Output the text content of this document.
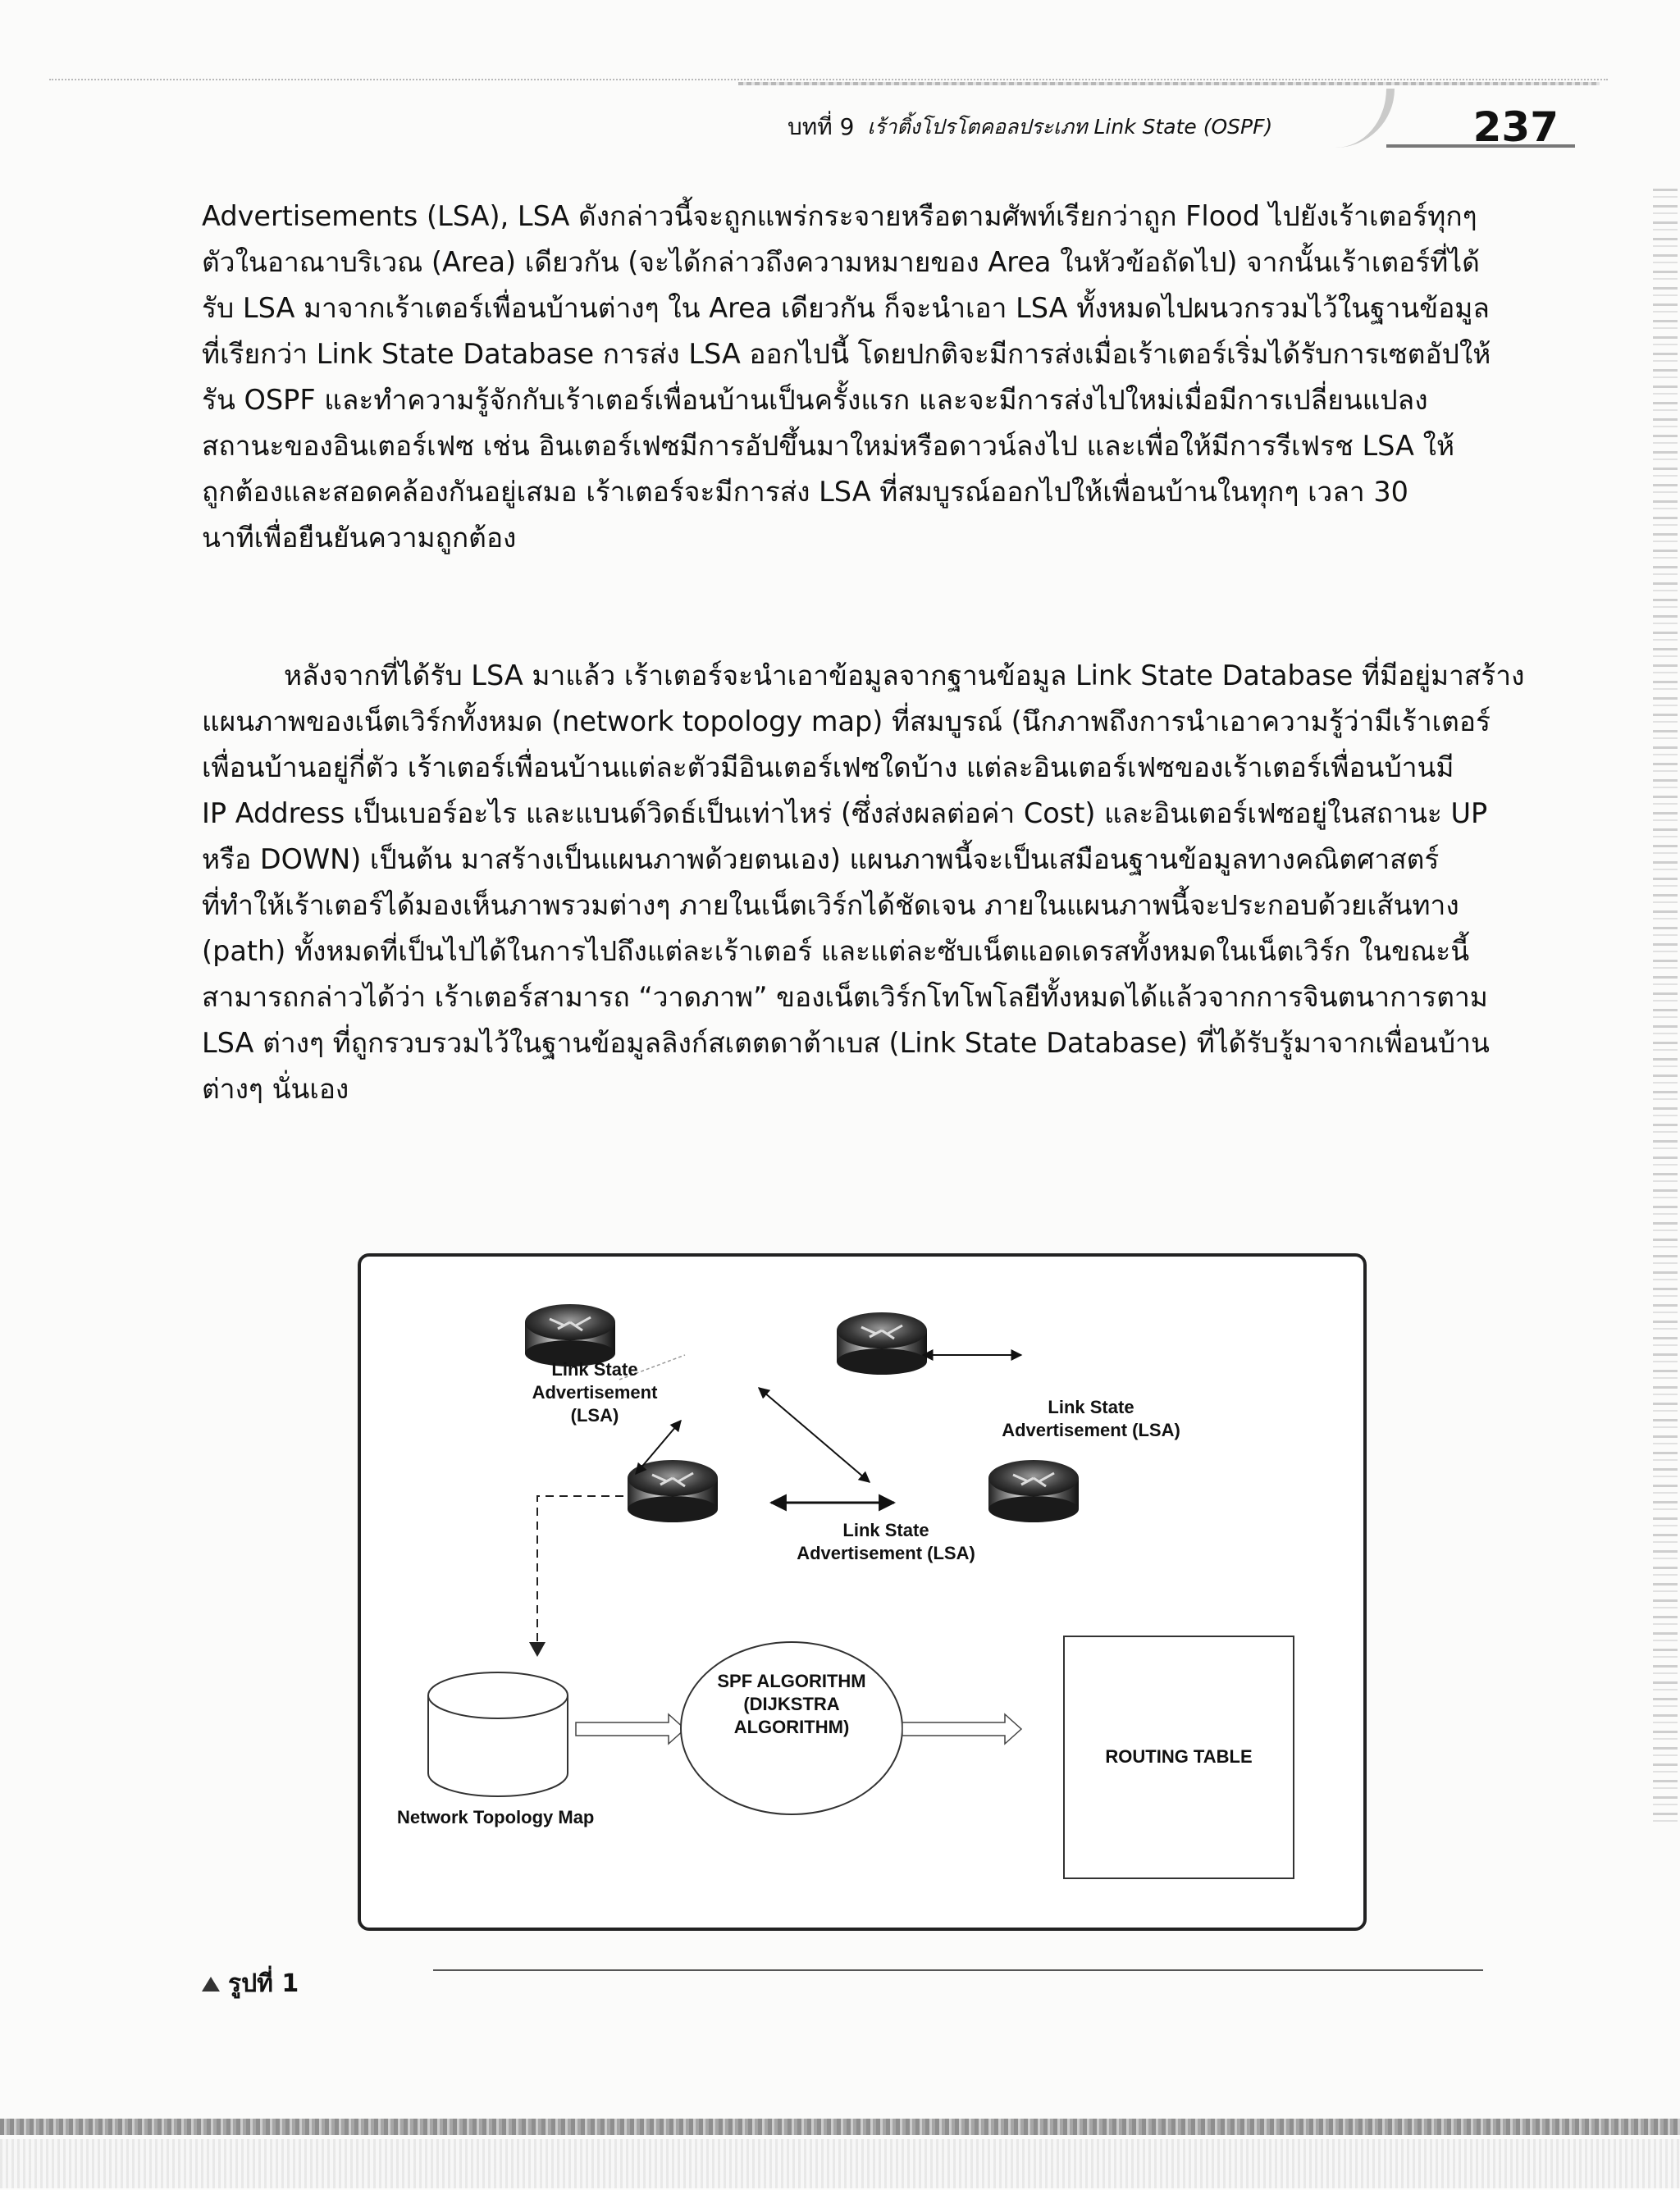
บทที่ 9 เร้าติ้งโปรโตคอลประเภท Link State (OSPF)	237
Advertisements (LSA), LSA ดังกล่าวนี้จะถูกแพร่กระจายหรือตามศัพท์เรียกว่าถูก Flood ไปยังเร้าเตอร์ทุกๆ
ตัวในอาณาบริเวณ (Area) เดียวกัน (จะได้กล่าวถึงความหมายของ Area ในหัวข้อถัดไป) จากนั้นเร้าเตอร์ที่ได้
รับ LSA มาจากเร้าเตอร์เพื่อนบ้านต่างๆ ใน Area เดียวกัน ก็จะนำเอา LSA ทั้งหมดไปผนวกรวมไว้ในฐานข้อมูล
ที่เรียกว่า Link State Database การส่ง LSA ออกไปนี้ โดยปกติจะมีการส่งเมื่อเร้าเตอร์เริ่มได้รับการเซตอัปให้
รัน OSPF และทำความรู้จักกับเร้าเตอร์เพื่อนบ้านเป็นครั้งแรก และจะมีการส่งไปใหม่เมื่อมีการเปลี่ยนแปลง
สถานะของอินเตอร์เฟซ เช่น อินเตอร์เฟซมีการอัปขึ้นมาใหม่หรือดาวน์ลงไป และเพื่อให้มีการรีเฟรช LSA ให้
ถูกต้องและสอดคล้องกันอยู่เสมอ เร้าเตอร์จะมีการส่ง LSA ที่สมบูรณ์ออกไปให้เพื่อนบ้านในทุกๆ เวลา 30
นาทีเพื่อยืนยันความถูกต้อง
หลังจากที่ได้รับ LSA มาแล้ว เร้าเตอร์จะนำเอาข้อมูลจากฐานข้อมูล Link State Database ที่มีอยู่มาสร้าง
แผนภาพของเน็ตเวิร์กทั้งหมด (network topology map) ที่สมบูรณ์ (นึกภาพถึงการนำเอาความรู้ว่ามีเร้าเตอร์
เพื่อนบ้านอยู่กี่ตัว เร้าเตอร์เพื่อนบ้านแต่ละตัวมีอินเตอร์เฟซใดบ้าง แต่ละอินเตอร์เฟซของเร้าเตอร์เพื่อนบ้านมี
IP Address เป็นเบอร์อะไร และแบนด์วิดธ์เป็นเท่าไหร่ (ซึ่งส่งผลต่อค่า Cost) และอินเตอร์เฟซอยู่ในสถานะ UP
หรือ DOWN) เป็นต้น มาสร้างเป็นแผนภาพด้วยตนเอง) แผนภาพนี้จะเป็นเสมือนฐานข้อมูลทางคณิตศาสตร์
ที่ทำให้เร้าเตอร์ได้มองเห็นภาพรวมต่างๆ ภายในเน็ตเวิร์กได้ชัดเจน ภายในแผนภาพนี้จะประกอบด้วยเส้นทาง
(path) ทั้งหมดที่เป็นไปได้ในการไปถึงแต่ละเร้าเตอร์ และแต่ละซับเน็ตแอดเดรสทั้งหมดในเน็ตเวิร์ก ในขณะนี้
สามารถกล่าวได้ว่า เร้าเตอร์สามารถ “วาดภาพ” ของเน็ตเวิร์กโทโพโลยีทั้งหมดได้แล้วจากการจินตนาการตาม
LSA ต่างๆ ที่ถูกรวบรวมไว้ในฐานข้อมูลลิงก์สเตตดาต้าเบส (Link State Database) ที่ได้รับรู้มาจากเพื่อนบ้าน
ต่างๆ นั่นเอง
Link State
Advertisement (LSA)	Link State
Advertisement (LSA)
Link State
Advertisement (LSA)
SPF ALGORITHM
(DIJKSTRA ALGORITHM)
ROUTING TABLE
Network Topology Map
รูปที่ 1
